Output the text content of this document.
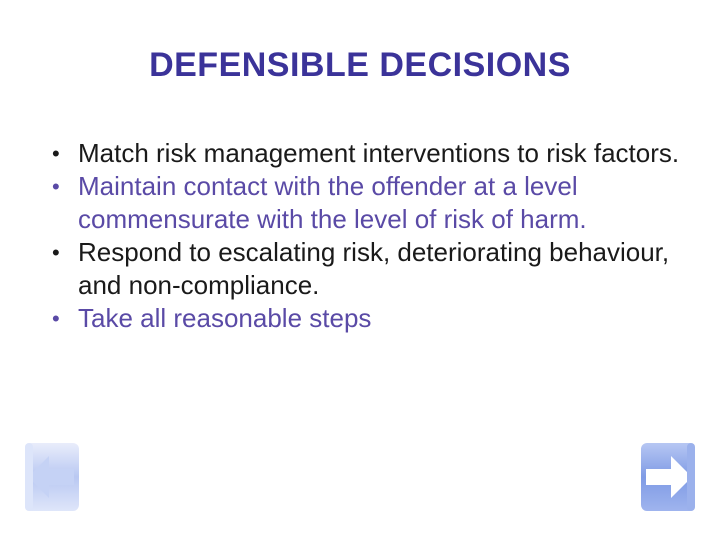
DEFENSIBLE DECISIONS
• Match risk management interventions to risk factors.
• Maintain contact with the offender at a level commensurate with the level of risk of harm.
• Respond to escalating risk, deteriorating behaviour, and non-compliance.
• Take all reasonable steps
